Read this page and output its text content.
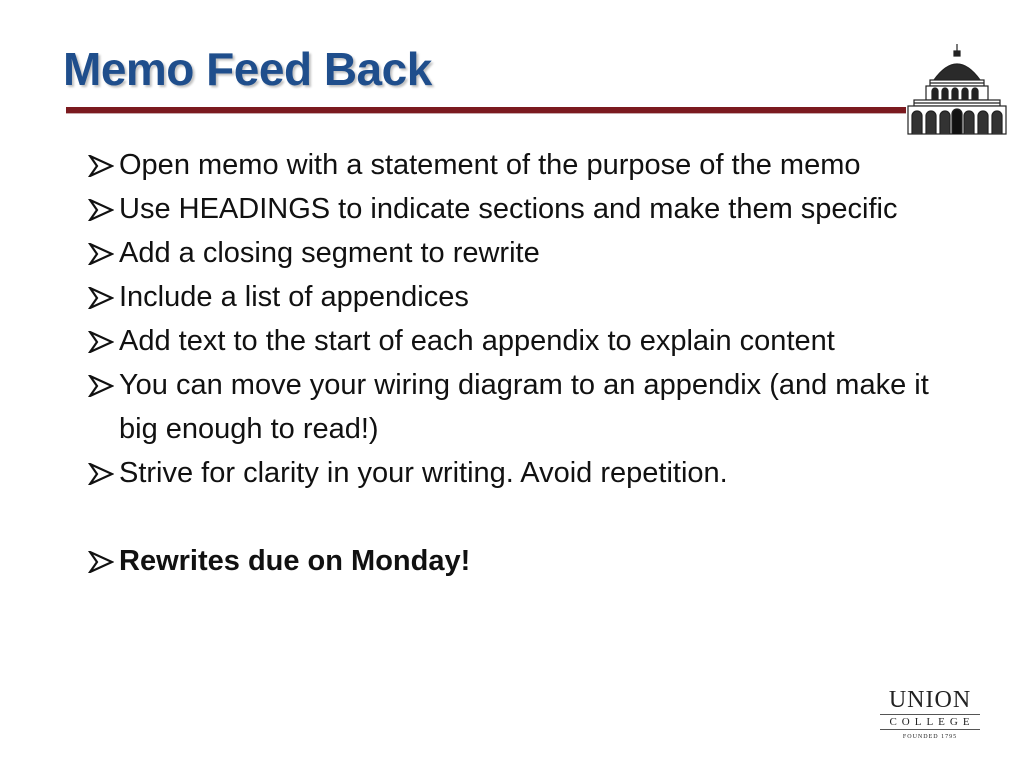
Memo Feed Back
Open memo with a statement of the purpose of the memo
Use HEADINGS to indicate sections and make them specific
Add a closing segment to rewrite
Include a list of appendices
Add text to the start of each appendix to explain content
You can move your wiring diagram to an appendix (and make it big enough to read!)
Strive for clarity in your writing. Avoid repetition.
Rewrites due on Monday!
UNION
COLLEGE
FOUNDED 1795
